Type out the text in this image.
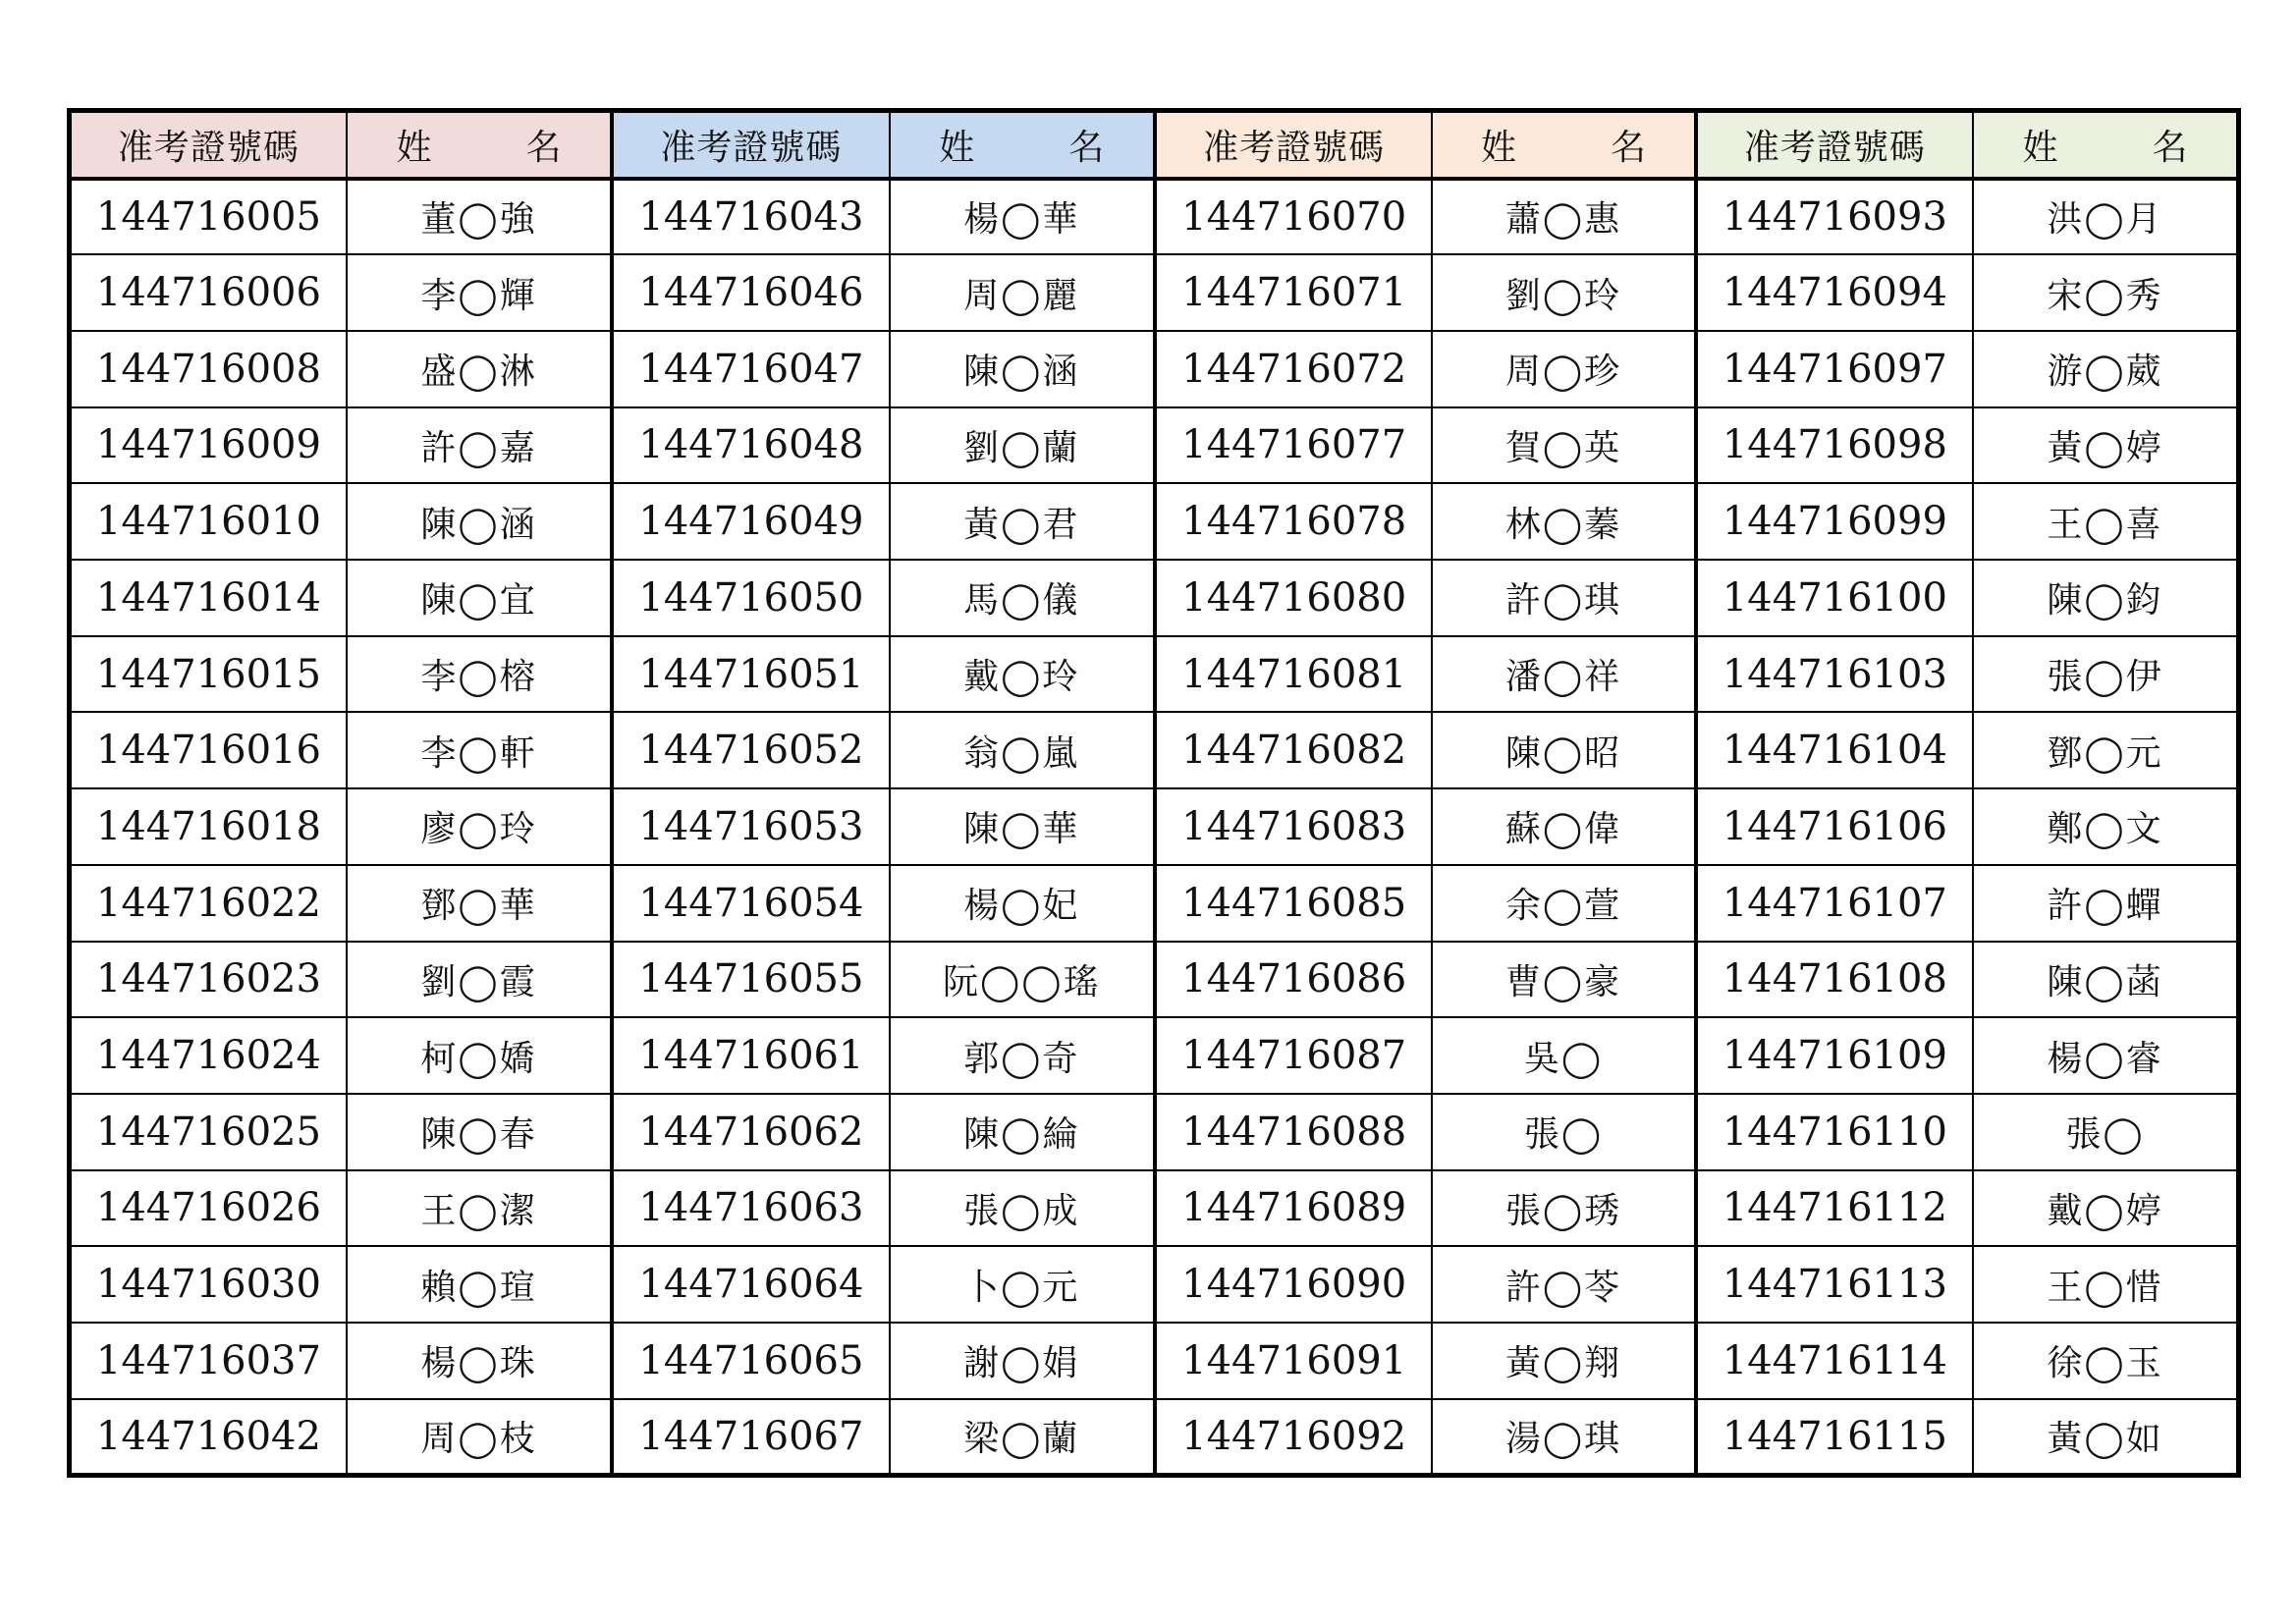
准考證號碼	姓　名	准考證號碼	姓　名	准考證號碼	姓　名	准考證號碼	姓　名
144716005	董◯強	144716043	楊◯華	144716070	蕭◯惠	144716093	洪◯月
144716006	李◯輝	144716046	周◯麗	144716071	劉◯玲	144716094	宋◯秀
144716008	盛◯淋	144716047	陳◯涵	144716072	周◯珍	144716097	游◯葳
144716009	許◯嘉	144716048	劉◯蘭	144716077	賀◯英	144716098	黃◯婷
144716010	陳◯涵	144716049	黃◯君	144716078	林◯蓁	144716099	王◯喜
144716014	陳◯宜	144716050	馬◯儀	144716080	許◯琪	144716100	陳◯鈞
144716015	李◯榕	144716051	戴◯玲	144716081	潘◯祥	144716103	張◯伊
144716016	李◯軒	144716052	翁◯嵐	144716082	陳◯昭	144716104	鄧◯元
144716018	廖◯玲	144716053	陳◯華	144716083	蘇◯偉	144716106	鄭◯文
144716022	鄧◯華	144716054	楊◯妃	144716085	余◯萱	144716107	許◯蟬
144716023	劉◯霞	144716055	阮◯◯瑤	144716086	曹◯豪	144716108	陳◯菡
144716024	柯◯嬌	144716061	郭◯奇	144716087	吳◯	144716109	楊◯睿
144716025	陳◯春	144716062	陳◯綸	144716088	張◯	144716110	張◯
144716026	王◯潔	144716063	張◯成	144716089	張◯琇	144716112	戴◯婷
144716030	賴◯瑄	144716064	卜◯元	144716090	許◯苓	144716113	王◯惜
144716037	楊◯珠	144716065	謝◯娟	144716091	黃◯翔	144716114	徐◯玉
144716042	周◯枝	144716067	梁◯蘭	144716092	湯◯琪	144716115	黃◯如
